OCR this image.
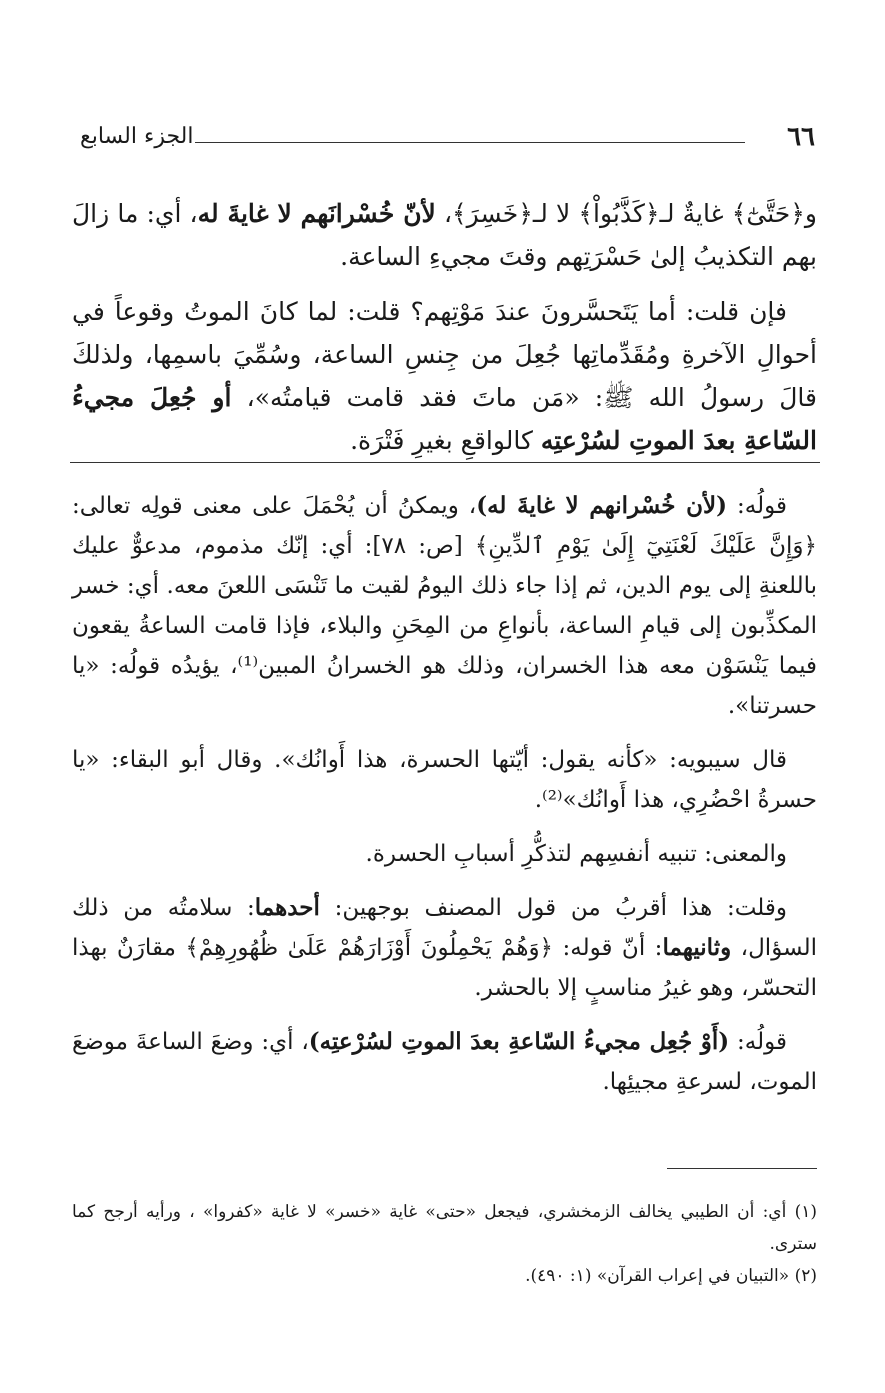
٦٦
الجزء السابع

و﴿حَتَّىٰٓ﴾ غايةٌ لـ﴿كَذَّبُواْ﴾ لا لـ﴿خَسِرَ﴾، لأنّ خُسْرانَهم لا غايةَ له، أي: ما زالَ بهم التكذيبُ إلىٰ حَسْرَتِهم وقتَ مجيءِ الساعة.

فإن قلت: أما يَتَحسَّرونَ عندَ مَوْتِهم؟ قلت: لما كانَ الموتُ وقوعاً في أحوالِ الآخرةِ ومُقَدِّماتِها جُعِلَ من جِنسِ الساعة، وسُمِّيَ باسمِها، ولذلكَ قالَ رسولُ الله ﷺ: «مَن ماتَ فقد قامت قيامتُه»، أو جُعِلَ مجيءُ السّاعةِ بعدَ الموتِ لسُرْعتِه كالواقعِ بغيرِ فَتْرَة.

قولُه: (لأن خُسْرانهم لا غايةَ له)، ويمكنُ أن يُحْمَلَ على معنى قولِه تعالى: ﴿وَإِنَّ عَلَيْكَ لَعْنَتِيٓ إِلَىٰ يَوْمِ ٱلدِّينِ﴾ [ص: ٧٨]: أي: إنّك مذموم، مدعوٌّ عليك باللعنةِ إلى يوم الدين، ثم إذا جاء ذلك اليومُ لقيت ما تَنْسَى اللعنَ معه. أي: خسر المكذِّبون إلى قيامِ الساعة، بأنواعِ من المِحَنِ والبلاء، فإذا قامت الساعةُ يقعون فيما يَنْسَوْن معه هذا الخسران، وذلك هو الخسرانُ المبين⁽¹⁾، يؤيدُه قولُه: «يا حسرتنا».

قال سيبويه: «كأنه يقول: أيّتها الحسرة، هذا أَوانُك». وقال أبو البقاء: «يا حسرةُ احْضُرِي، هذا أَوانُك»⁽²⁾.

والمعنى: تنبيه أنفسِهم لتذكُّرِ أسبابِ الحسرة.

وقلت: هذا أقربُ من قول المصنف بوجهين: أحدهما: سلامتُه من ذلك السؤال، وثانيهما: أنّ قوله: ﴿وَهُمْ يَحْمِلُونَ أَوْزَارَهُمْ عَلَىٰ ظُهُورِهِمْ﴾ مقارَنٌ بهذا التحسّر، وهو غيرُ مناسبٍ إلا بالحشر.

قولُه: (أَوْ جُعِل مجيءُ السّاعةِ بعدَ الموتِ لسُرْعتِه)، أي: وضعَ الساعةَ موضعَ الموت، لسرعةِ مجيئِها.

(١) أي: أن الطيبي يخالف الزمخشري، فيجعل «حتى» غاية «خسر» لا غاية «كفروا» ، ورأيه أرجح كما سترى.

(٢) «التبيان في إعراب القرآن» (١: ٤٩٠).
